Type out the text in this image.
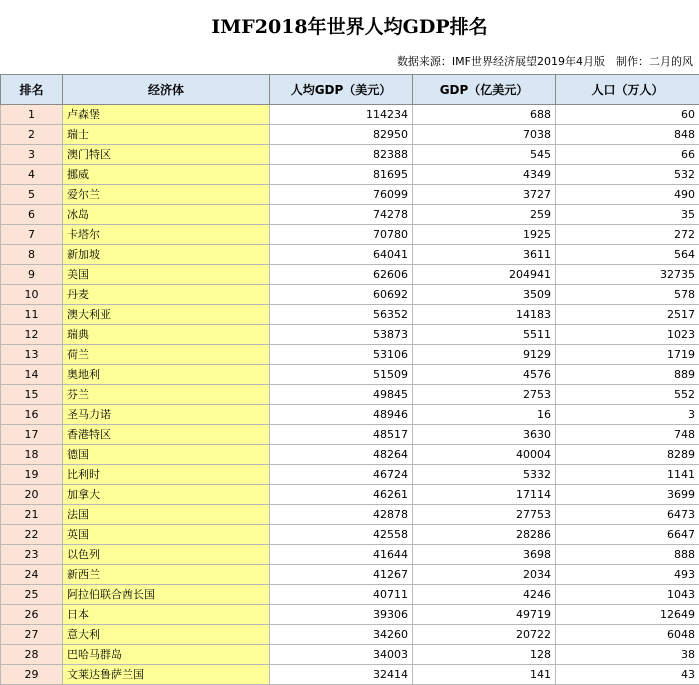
IMF2018年世界人均GDP排名
数据来源：IMF世界经济展望2019年4月版　制作：二月的风
排名	经济体	人均GDP（美元）	GDP（亿美元）	人口（万人）
1	卢森堡	114234	688	60
2	瑞士	82950	7038	848
3	澳门特区	82388	545	66
4	挪威	81695	4349	532
5	爱尔兰	76099	3727	490
6	冰岛	74278	259	35
7	卡塔尔	70780	1925	272
8	新加坡	64041	3611	564
9	美国	62606	204941	32735
10	丹麦	60692	3509	578
11	澳大利亚	56352	14183	2517
12	瑞典	53873	5511	1023
13	荷兰	53106	9129	1719
14	奥地利	51509	4576	889
15	芬兰	49845	2753	552
16	圣马力诺	48946	16	3
17	香港特区	48517	3630	748
18	德国	48264	40004	8289
19	比利时	46724	5332	1141
20	加拿大	46261	17114	3699
21	法国	42878	27753	6473
22	英国	42558	28286	6647
23	以色列	41644	3698	888
24	新西兰	41267	2034	493
25	阿拉伯联合酋长国	40711	4246	1043
26	日本	39306	49719	12649
27	意大利	34260	20722	6048
28	巴哈马群岛	34003	128	38
29	文莱达鲁萨兰国	32414	141	43
